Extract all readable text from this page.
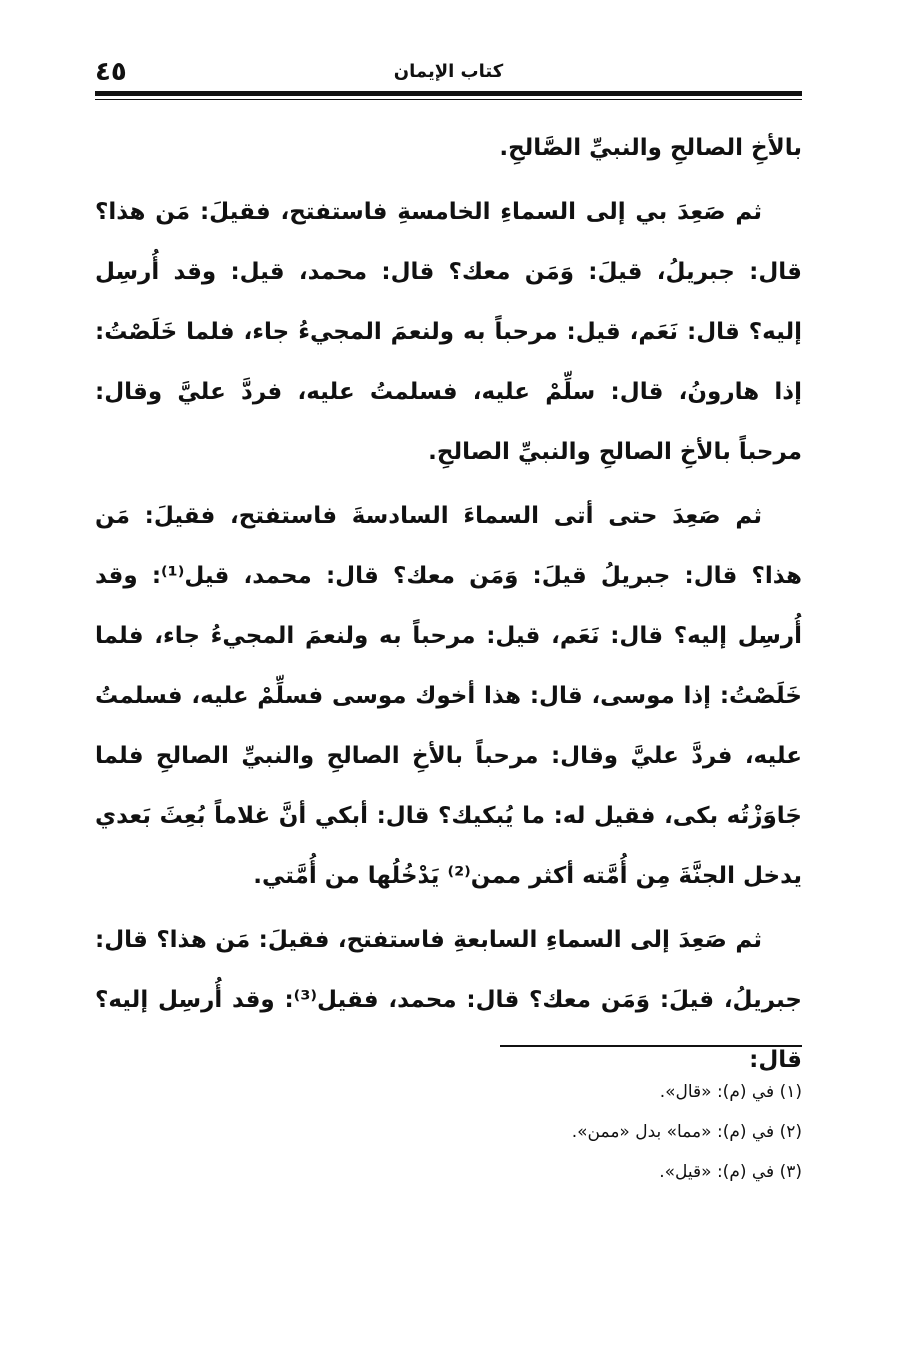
كتاب الإيمان
٤٥

بالأخِ الصالحِ والنبيِّ الصَّالحِ.

ثم صَعِدَ بي إلى السماءِ الخامسةِ فاستفتح، فقيلَ: مَن هذا؟ قال: جبريلُ، قيلَ: وَمَن معك؟ قال: محمد، قيل: وقد أُرسِل إليه؟ قال: نَعَم، قيل: مرحباً به ولنعمَ المجيءُ جاء، فلما خَلَصْتُ: إذا هارونُ، قال: سلِّمْ عليه، فسلمتُ عليه، فردَّ عليَّ وقال: مرحباً بالأخِ الصالحِ والنبيِّ الصالحِ.

ثم صَعِدَ حتى أتى السماءَ السادسةَ فاستفتح، فقيلَ: مَن هذا؟ قال: جبريلُ قيلَ: وَمَن معك؟ قال: محمد، قيل⁽¹⁾: وقد أُرسِل إليه؟ قال: نَعَم، قيل: مرحباً به ولنعمَ المجيءُ جاء، فلما خَلَصْتُ: إذا موسى، قال: هذا أخوك موسى فسلِّمْ عليه، فسلمتُ عليه، فردَّ عليَّ وقال: مرحباً بالأخِ الصالحِ والنبيِّ الصالحِ فلما جَاوَزْتُه بكى، فقيل له: ما يُبكيك؟ قال: أبكي أنَّ غلاماً بُعِثَ بَعدي يدخل الجنَّةَ مِن أُمَّته أكثر ممن⁽²⁾ يَدْخُلُها من أُمَّتي.

ثم صَعِدَ إلى السماءِ السابعةِ فاستفتح، فقيلَ: مَن هذا؟ قال: جبريلُ، قيلَ: وَمَن معك؟ قال: محمد، فقيل⁽³⁾: وقد أُرسِل إليه؟ قال:

(١) في (م): «قال».
(٢) في (م): «مما» بدل «ممن».
(٣) في (م): «قيل».
